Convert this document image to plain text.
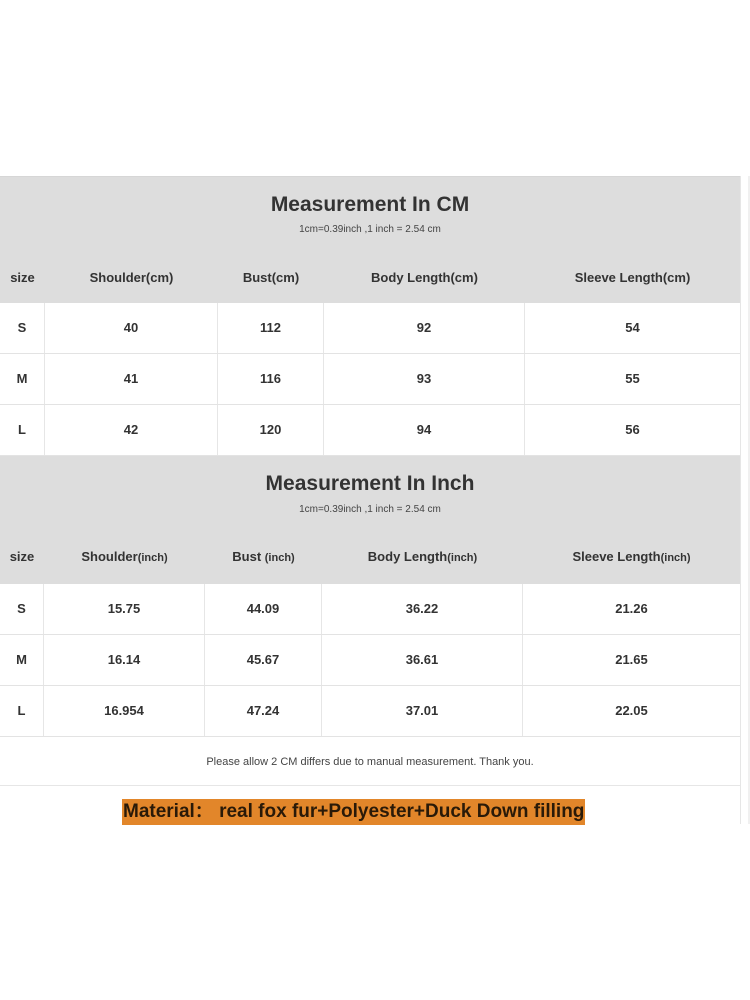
Measurement In CM
1cm=0.39inch ,1 inch = 2.54 cm
size	Shoulder(cm)	Bust(cm)	Body Length(cm)	Sleeve Length(cm)
S	40	112	92	54
M	41	116	93	55
L	42	120	94	56
Measurement In Inch
1cm=0.39inch ,1 inch = 2.54 cm
size	Shoulder(inch)	Bust (inch)	Body Length(inch)	Sleeve Length(inch)
S	15.75	44.09	36.22	21.26
M	16.14	45.67	36.61	21.65
L	16.954	47.24	37.01	22.05
Please allow 2 CM differs due to manual measurement. Thank you.
Material： real fox fur+Polyester+Duck Down filling
